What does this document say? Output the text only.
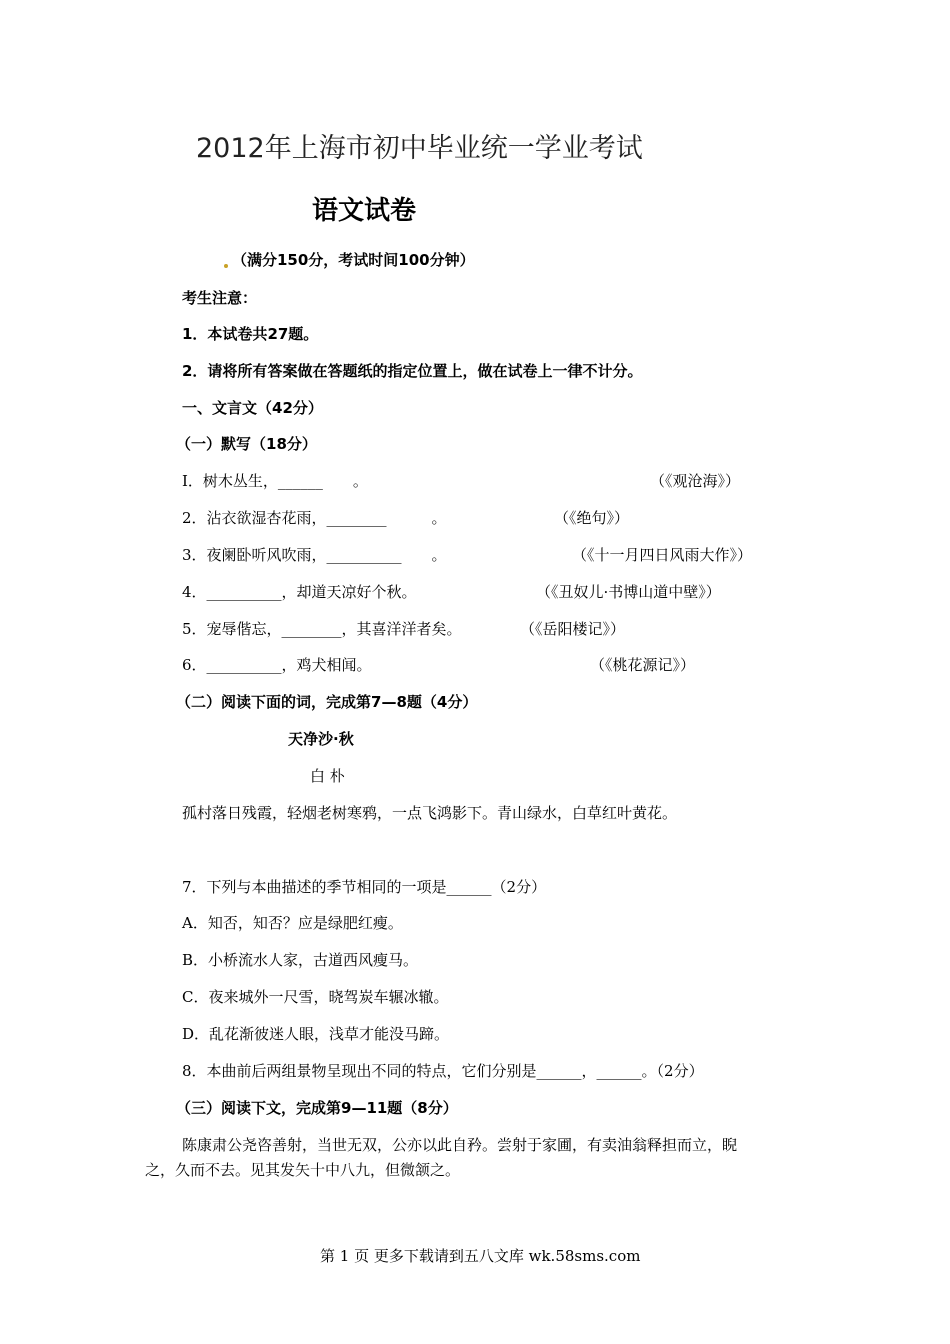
2012年上海市初中毕业统一学业考试
语文试卷
（满分150分，考试时间100分钟）
考生注意：
1．本试卷共27题。
2．请将所有答案做在答题纸的指定位置上，做在试卷上一律不计分。
一、文言文（42分）
（一）默写（18分）
I．树木丛生，______　　。	（《观沧海》）
2．沾衣欲湿杏花雨，________　　　。	（《绝句》）
3．夜阑卧听风吹雨，__________　　。	（《十一月四日风雨大作》）
4．__________，却道天凉好个秋。	（《丑奴儿·书博山道中壁》）
5．宠辱偕忘，________，其喜洋洋者矣。	（《岳阳楼记》）
6．__________，鸡犬相闻。	（《桃花源记》）
（二）阅读下面的词，完成第7—8题（4分）
天净沙·秋
白 朴
孤村落日残霞，轻烟老树寒鸦，一点飞鸿影下。青山绿水，白草红叶黄花。
7．下列与本曲描述的季节相同的一项是______（2分）
A．知否，知否？应是绿肥红瘦。
B．小桥流水人家，古道西风瘦马。
C．夜来城外一尺雪，晓驾炭车辗冰辙。
D．乱花渐彼迷人眼，浅草才能没马蹄。
8．本曲前后两组景物呈现出不同的特点，它们分别是______，______。（2分）
（三）阅读下文，完成第9—11题（8分）
陈康肃公尧咨善射，当世无双，公亦以此自矜。尝射于家圃，有卖油翁释担而立，睨
之，久而不去。见其发矢十中八九，但微颔之。
第 1 页 更多下载请到五八文库 wk.58sms.com
